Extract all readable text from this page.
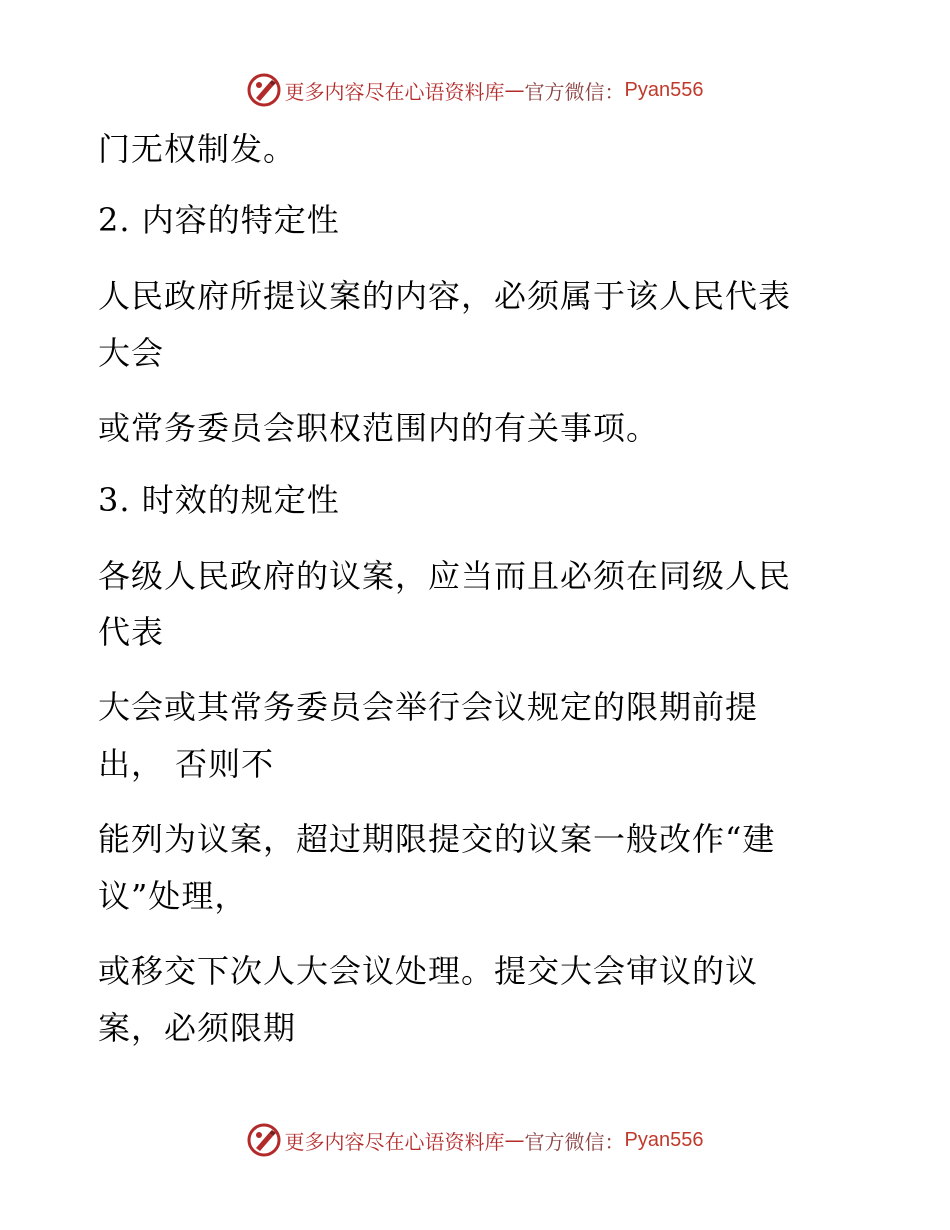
更多内容尽在心语资料库 — 官方微信： Pyan556
门无权制发。
2. 内容的特定性
人民政府所提议案的内容，必须属于该人民代表
大会
或常务委员会职权范围内的有关事项。
3. 时效的规定性
各级人民政府的议案，应当而且必须在同级人民
代表
大会或其常务委员会举行会议规定的限期前提
出， 否则不
能列为议案，超过期限提交的议案一般改作“建
议”处理，
或移交下次人大会议处理。提交大会审议的议
案，必须限期
更多内容尽在心语资料库 — 官方微信： Pyan556
